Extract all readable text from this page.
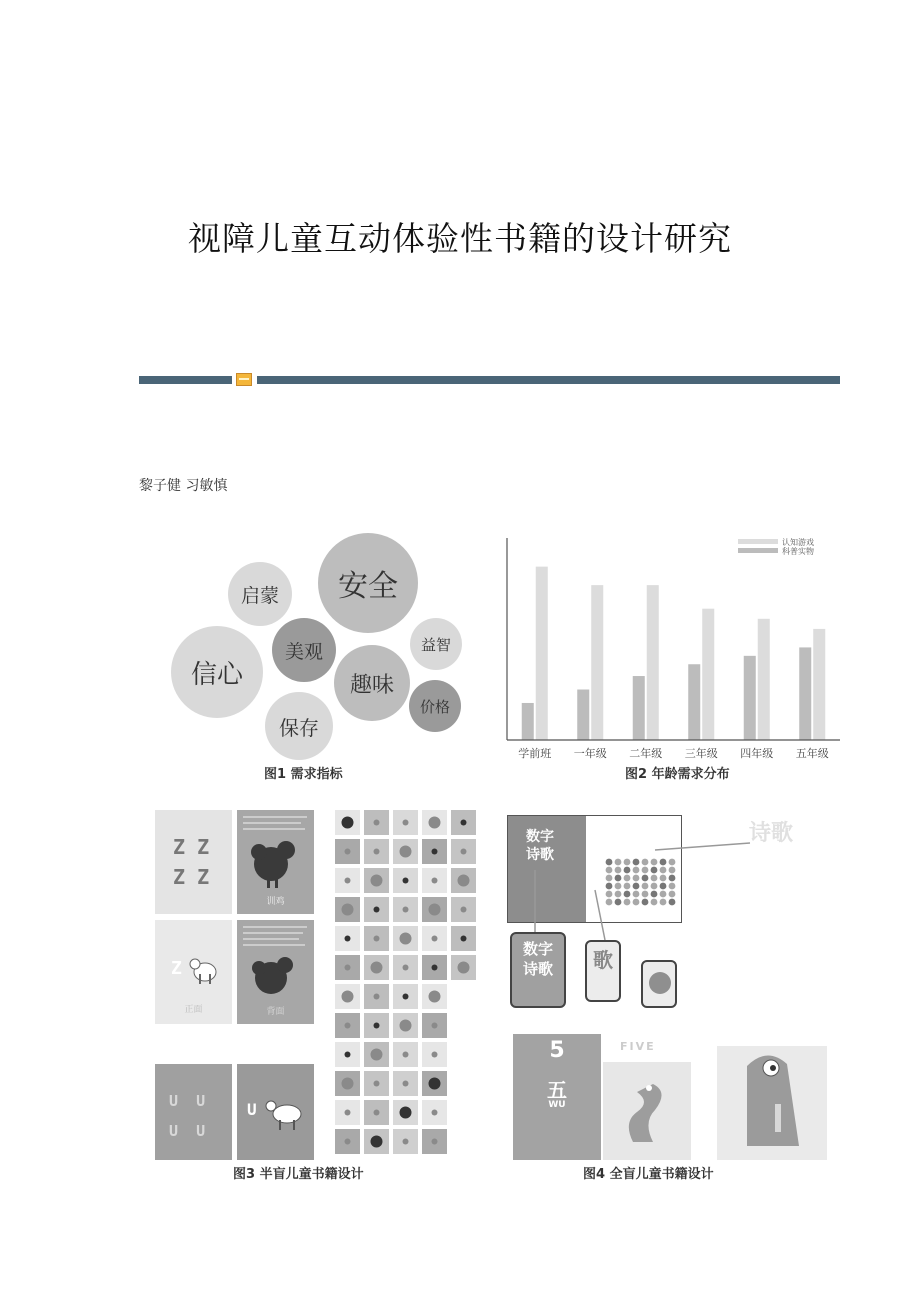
视障儿童互动体验性书籍的设计研究
黎子健 习敏慎
启蒙 安全
信心
美观	益智
趣味
保存
价格
图1 需求指标
学前班 一年级 二年级 三年级 四年级 五年级
认知游戏
科普实物
图2 年龄需求分布
Z Z
Z Z
训鸡
Z
正面	背面
U  U
U  U
U
图3 半盲儿童书籍设计
数字
诗歌
诗歌
数字
诗歌	歌
5
五
WU
FIVE
图4 全盲儿童书籍设计
